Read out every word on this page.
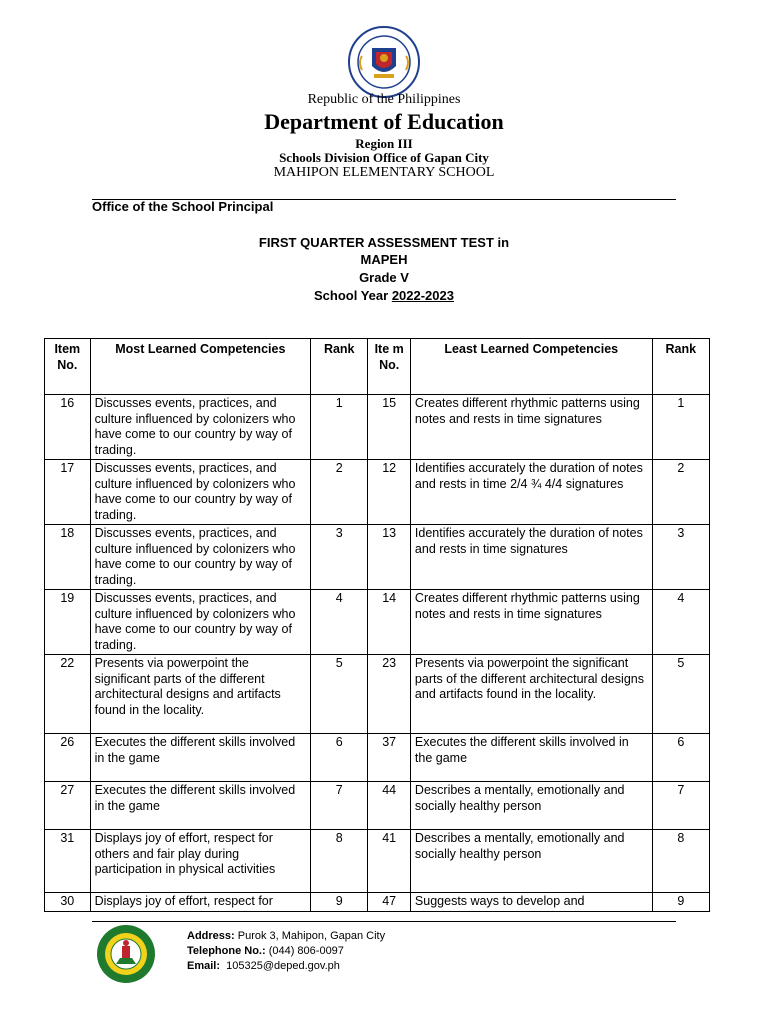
Republic of the Philippines
Department of Education
Region III
Schools Division Office of Gapan City
MAHIPON ELEMENTARY SCHOOL
Office of the School Principal
FIRST QUARTER ASSESSMENT TEST in
MAPEH
Grade V
School Year 2022-2023
Item No.	Most Learned Competencies	Rank	Ite m No.	Least Learned Competencies	Rank
16	Discusses events, practices, and culture influenced by colonizers who have come to our country by way of trading.	1	15	Creates different rhythmic patterns using notes and rests in time signatures	1
17	Discusses events, practices, and culture influenced by colonizers who have come to our country by way of trading.	2	12	Identifies accurately the duration of notes and rests in time 2/4 ¾ 4/4 signatures	2
18	Discusses events, practices, and culture influenced by colonizers who have come to our country by way of trading.	3	13	Identifies accurately the duration of notes and rests in time signatures	3
19	Discusses events, practices, and culture influenced by colonizers who have come to our country by way of trading.	4	14	Creates different rhythmic patterns using notes and rests in time signatures	4
22	Presents via powerpoint the significant parts of the different architectural designs and artifacts found in the locality.	5	23	Presents via powerpoint the significant parts of the different architectural designs and artifacts found in the locality.	5
26	Executes the different skills involved in the game	6	37	Executes the different skills involved in the game	6
27	Executes the different skills involved in the game	7	44	Describes a mentally, emotionally and socially healthy person	7
31	Displays joy of effort, respect for others and fair play during participation in physical activities	8	41	Describes a mentally, emotionally and socially healthy person	8
30	Displays joy of effort, respect for	9	47	Suggests ways to develop and	9
Address: Purok 3, Mahipon, Gapan City
Telephone No.: (044) 806-0097
Email:  105325@deped.gov.ph
